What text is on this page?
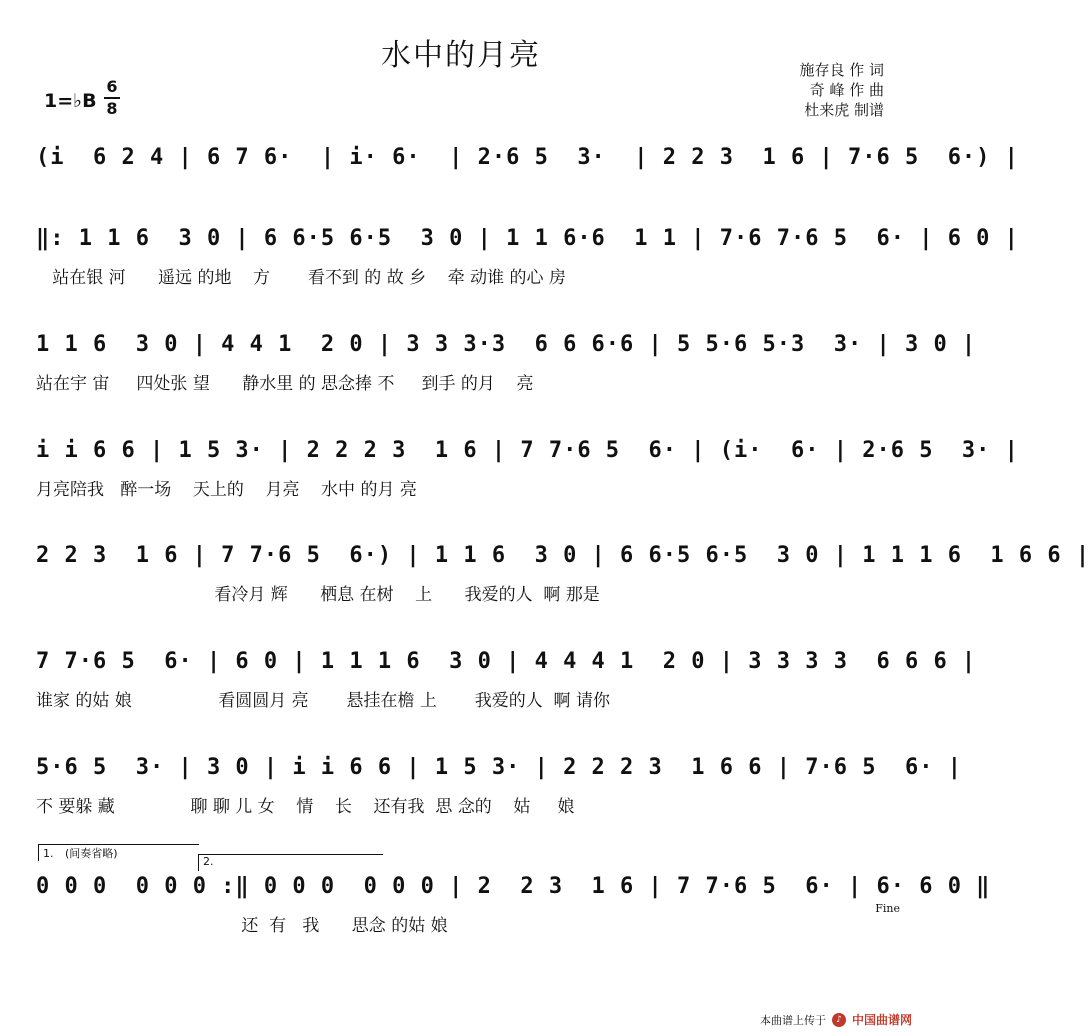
水中的月亮
1=♭B
6
8
施存良 作 词
奇 峰 作 曲
杜来虎 制谱
(i  6 2 4 | 6 7 6·  | i· 6·  | 2·6 5  3·  | 2 2 3  1 6 | 7·6 5  6·) |
‖: 1 1 6  3 0 | 6 6·5 6·5  3 0 | 1 1 6·6  1 1 | 7·6 7·6 5  6· | 6 0 |
站在银 河      遥远 的地    方       看不到 的 故 乡    牵 动谁 的心 房
1 1 6  3 0 | 4 4 1  2 0 | 3 3 3·3  6 6 6·6 | 5 5·6 5·3  3· | 3 0 |
站在宇 宙     四处张 望      静水里 的 思念捧 不     到手 的月    亮
i i 6 6 | 1 5 3· | 2 2 2 3  1 6 | 7 7·6 5  6· | (i·  6· | 2·6 5  3· |
月亮陪我   醉一场    天上的    月亮    水中 的月 亮
2 2 3  1 6 | 7 7·6 5  6·) | 1 1 6  3 0 | 6 6·5 6·5  3 0 | 1 1 1 6  1 6 6 |
看冷月 辉      栖息 在树    上      我爱的人  啊 那是
7 7·6 5  6· | 6 0 | 1 1 1 6  3 0 | 4 4 4 1  2 0 | 3 3 3 3  6 6 6 |
谁家 的姑 娘                看圆圆月 亮       悬挂在檐 上       我爱的人  啊 请你
5·6 5  3· | 3 0 | i i 6 6 | 1 5 3· | 2 2 2 3  1 6 6 | 7·6 5  6· |
不 要躲 藏              聊 聊 儿 女    情    长    还有我  思 念的    姑     娘
1. (间奏省略)
2.
0 0 0  0 0 0 :‖ 0 0 0  0 0 0 | 2  2 3  1 6 | 7 7·6 5  6· | 6· 6 0 ‖
还  有   我      思念 的姑 娘
Fine
本曲谱上传于	♪ 中国曲谱网
